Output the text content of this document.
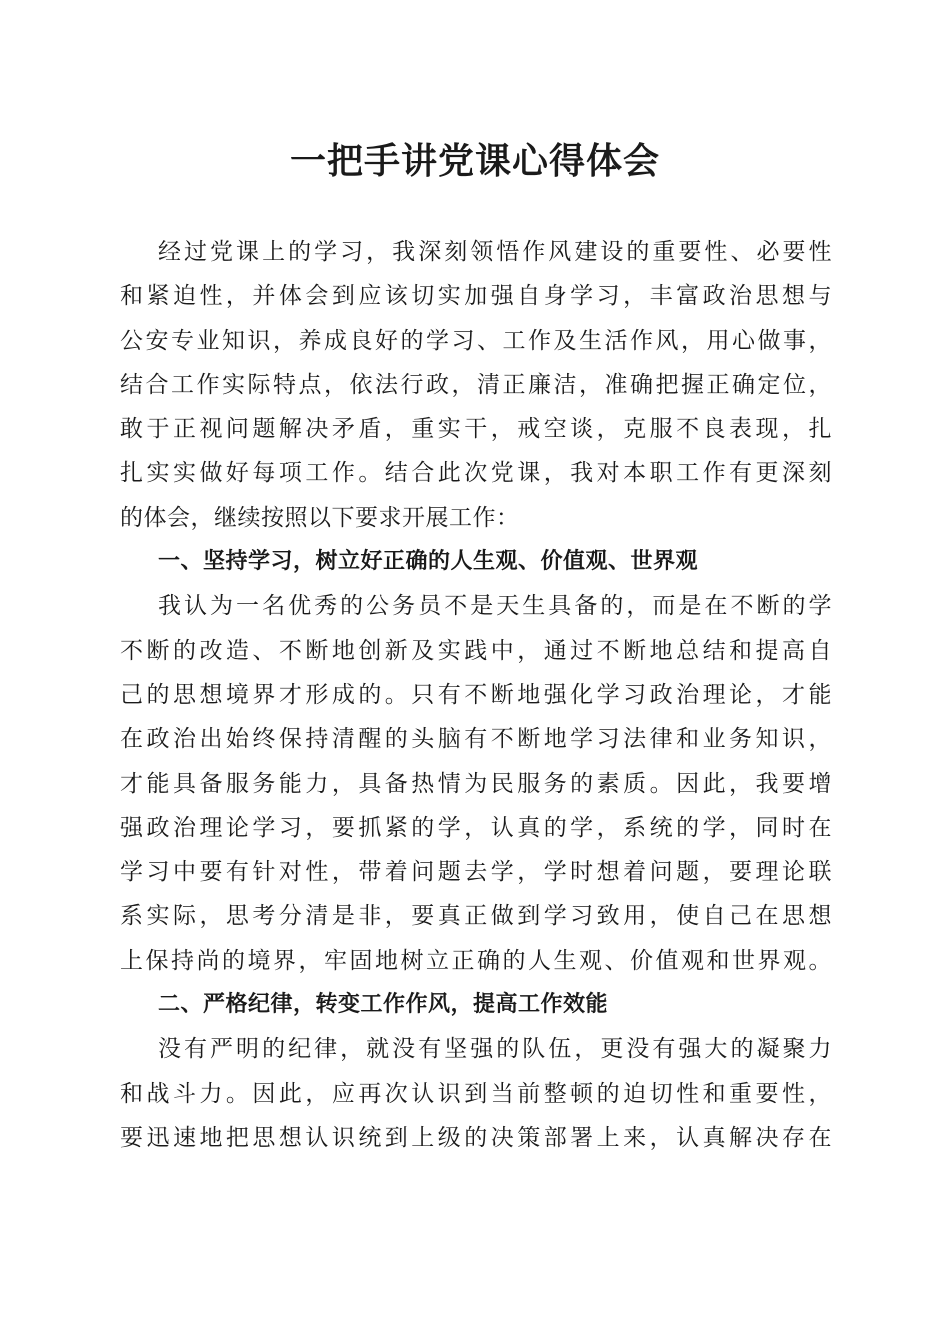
一把手讲党课心得体会
经过党课上的学习，我深刻领悟作风建设的重要性、必要性
和紧迫性，并体会到应该切实加强自身学习，丰富政治思想与
公安专业知识，养成良好的学习、工作及生活作风，用心做事，
结合工作实际特点，依法行政，清正廉洁，准确把握正确定位，
敢于正视问题解决矛盾，重实干，戒空谈，克服不良表现，扎
扎实实做好每项工作。结合此次党课，我对本职工作有更深刻
的体会，继续按照以下要求开展工作：
一、坚持学习，树立好正确的人生观、价值观、世界观
我认为一名优秀的公务员不是天生具备的，而是在不断的学
不断的改造、不断地创新及实践中，通过不断地总结和提高自
己的思想境界才形成的。只有不断地强化学习政治理论，才能
在政治出始终保持清醒的头脑有不断地学习法律和业务知识，
才能具备服务能力，具备热情为民服务的素质。因此，我要增
强政治理论学习，要抓紧的学，认真的学，系统的学，同时在
学习中要有针对性，带着问题去学，学时想着问题，要理论联
系实际，思考分清是非，要真正做到学习致用，使自己在思想
上保持尚的境界，牢固地树立正确的人生观、价值观和世界观。
二、严格纪律，转变工作作风，提高工作效能
没有严明的纪律，就没有坚强的队伍，更没有强大的凝聚力
和战斗力。因此，应再次认识到当前整顿的迫切性和重要性，
要迅速地把思想认识统到上级的决策部署上来，认真解决存在
